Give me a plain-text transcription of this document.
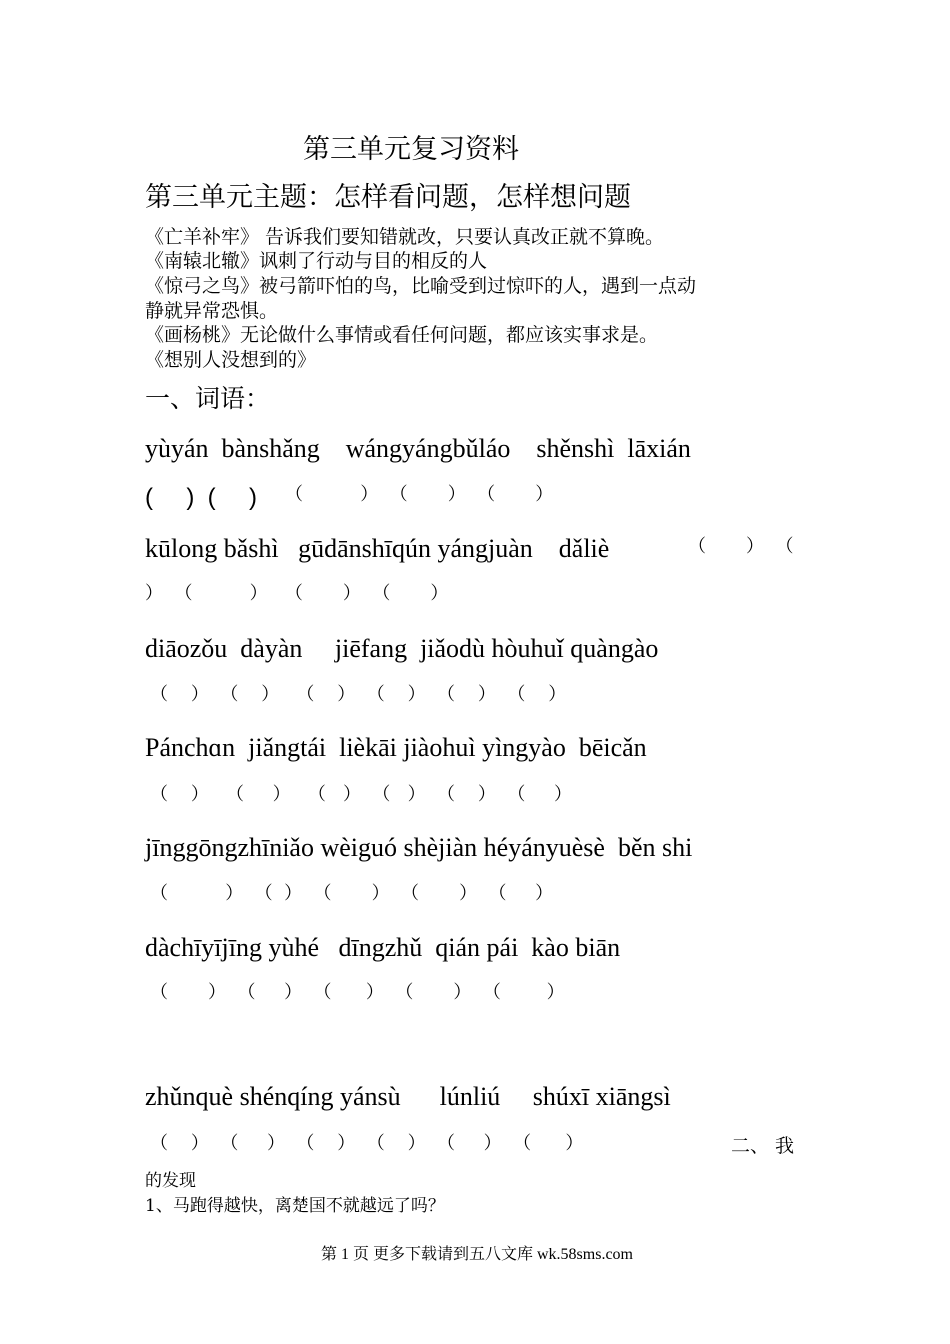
第三单元复习资料
第三单元主题：怎样看问题，怎样想问题
《亡羊补牢》 告诉我们要知错就改，只要认真改正就不算晚。
《南辕北辙》讽刺了行动与目的相反的人
《惊弓之鸟》被弓箭吓怕的鸟，比喻受到过惊吓的人，遇到一点动
静就异常恐惧。
《画杨桃》无论做什么事情或看任何问题，都应该实事求是。
《想别人没想到的》
一、词语：
yùyán  bànshǎng    wángyángbǔláo    shěnshì  lāxián
(     )  (     ) （          ）  （       ）  （       ）
kūlong bǎshì   gūdānshīqún yángjuàn    dǎliè	（       ）  （
）  （          ）   （       ）  （       ）
diāozǒu  dàyàn     jiēfang  jiǎodù hòuhuǐ quàngào
（    ）  （    ）   （    ）  （    ）  （    ）  （    ）
Pánchɑn  jiǎngtái  lièkāi jiàohuì yìngyào  bēicǎn
（    ）   （     ）   （   ）  （   ）  （    ）  （     ）
jīnggōngzhīniǎo wèiguó shèjiàn héyányuèsè  běn shi
（          ）  （  ）  （       ）  （       ）  （     ）
dàchīyījīng yùhé   dīngzhǔ  qián pái  kào biān
（       ）  （     ）  （      ）  （       ）  （        ）
zhǔnquè shénqíng yánsù      lúnliú     shúxī xiāngsì
（    ）  （     ）  （    ）  （    ）  （     ）  （      ）	二、 我
的发现
1、马跑得越快，离楚国不就越远了吗？
第 1 页 更多下载请到五八文库 wk.58sms.com
